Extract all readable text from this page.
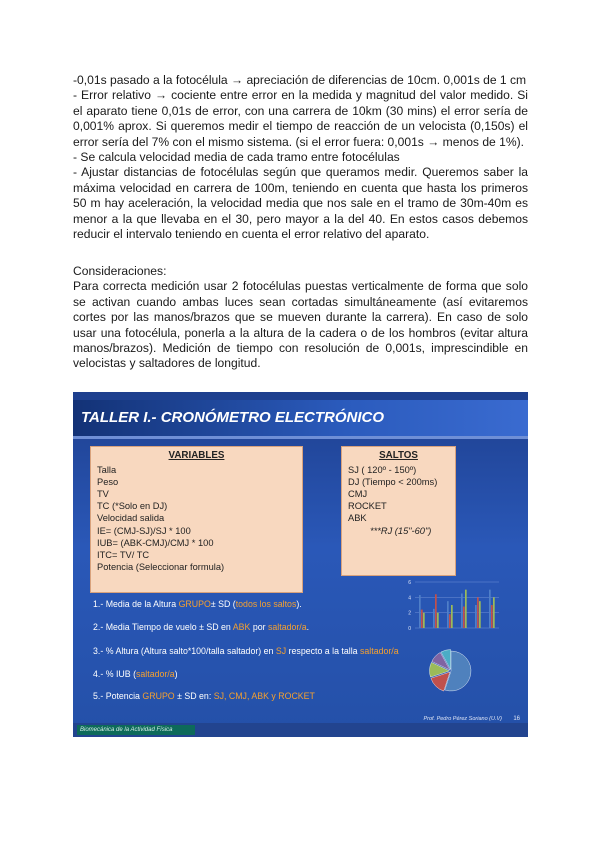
-0,01s pasado a la fotocélula → apreciación de diferencias de 10cm. 0,001s de 1 cm

- Error relativo → cociente entre error en la medida y magnitud del valor medido. Si el aparato tiene 0,01s de error, con una carrera de 10km (30 mins) el error sería de 0,001% aprox. Si queremos medir el tiempo de reacción de un velocista (0,150s) el error sería del 7% con el mismo sistema. (si el error fuera: 0,001s → menos de 1%).

- Se calcula velocidad media de cada tramo entre fotocélulas

- Ajustar distancias de fotocélulas según que queramos medir. Queremos saber la máxima velocidad en carrera de 100m, teniendo en cuenta que hasta los primeros 50 m hay aceleración, la velocidad media que nos sale en el tramo de 30m-40m es menor a la que llevaba en el 30, pero mayor a la del 40. En estos casos debemos reducir el intervalo teniendo en cuenta el error relativo del aparato.

Consideraciones:

Para correcta medición usar 2 fotocélulas puestas verticalmente de forma que solo se activan cuando ambas luces sean cortadas simultáneamente (así evitaremos cortes por las manos/brazos que se mueven durante la carrera). En caso de solo usar una fotocélula, ponerla a la altura de la cadera o de los hombros (evitar altura manos/brazos). Medición de tiempo con resolución de 0,001s, imprescindible en velocistas y saltadores de longitud.

TALLER I.- CRONÓMETRO ELECTRÓNICO
VARIABLES
Talla
Peso
TV
TC (*Solo en DJ)
Velocidad salida
IE= (CMJ-SJ)/SJ * 100
IUB= (ABK-CMJ)/CMJ * 100
ITC= TV/ TC
Potencia (Seleccionar formula)
SALTOS
SJ ( 120º - 150º)
DJ (Tiempo < 200ms)
CMJ
ROCKET
ABK
***RJ (15"-60")
1.- Media de la Altura GRUPO± SD (todos los saltos).
2.- Media Tiempo de vuelo ± SD en ABK por saltador/a.
3.- % Altura (Altura salto*100/talla saltador) en SJ respecto a la talla saltador/a
4.- % IUB (saltador/a)
5.- Potencia GRUPO ± SD en: SJ, CMJ, ABK y ROCKET
0
2
4
6
Biomecánica de la Actividad Física
Prof. Pedro Pérez Soriano (U.V) 16
